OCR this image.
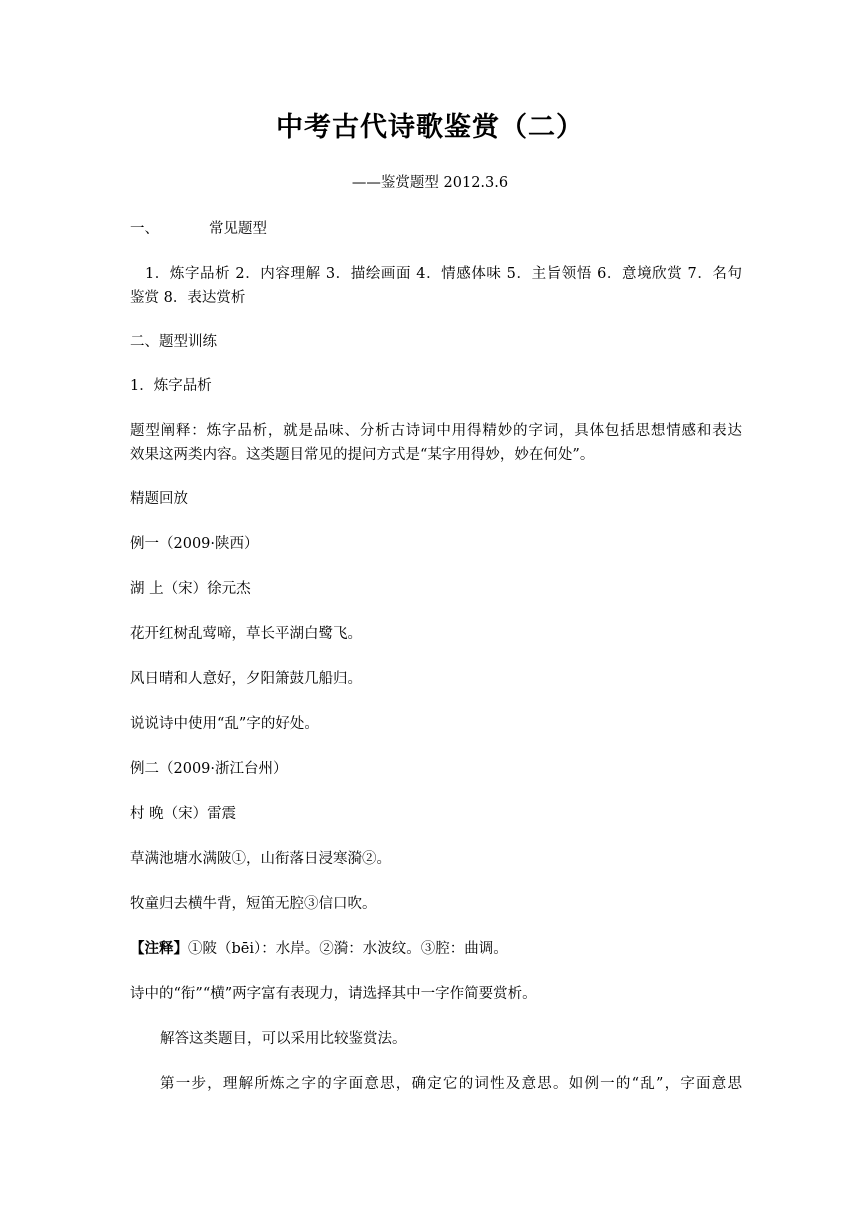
中考古代诗歌鉴赏（二）
——鉴赏题型 2012.3.6
一、	常见题型
1．炼字品析 2．内容理解 3．描绘画面 4．情感体味 5．主旨领悟 6．意境欣赏 7．名句
鉴赏 8．表达赏析
二、题型训练
1．炼字品析
题型阐释：炼字品析，就是品味、分析古诗词中用得精妙的字词，具体包括思想情感和表达
效果这两类内容。这类题目常见的提问方式是“某字用得妙，妙在何处”。
精题回放
例一（2009·陕西）
湖 上（宋）徐元杰
花开红树乱莺啼，草长平湖白鹭飞。
风日晴和人意好，夕阳箫鼓几船归。
说说诗中使用“乱”字的好处。
例二（2009·浙江台州）
村 晚（宋）雷震
草满池塘水满陂①，山衔落日浸寒漪②。
牧童归去横牛背，短笛无腔③信口吹。
【注释】①陂（bēi）：水岸。②漪：水波纹。③腔：曲调。
诗中的“衔”“横”两字富有表现力，请选择其中一字作简要赏析。
解答这类题目，可以采用比较鉴赏法。
第一步，理解所炼之字的字面意思，确定它的词性及意思。如例一的“乱”，字面意思
